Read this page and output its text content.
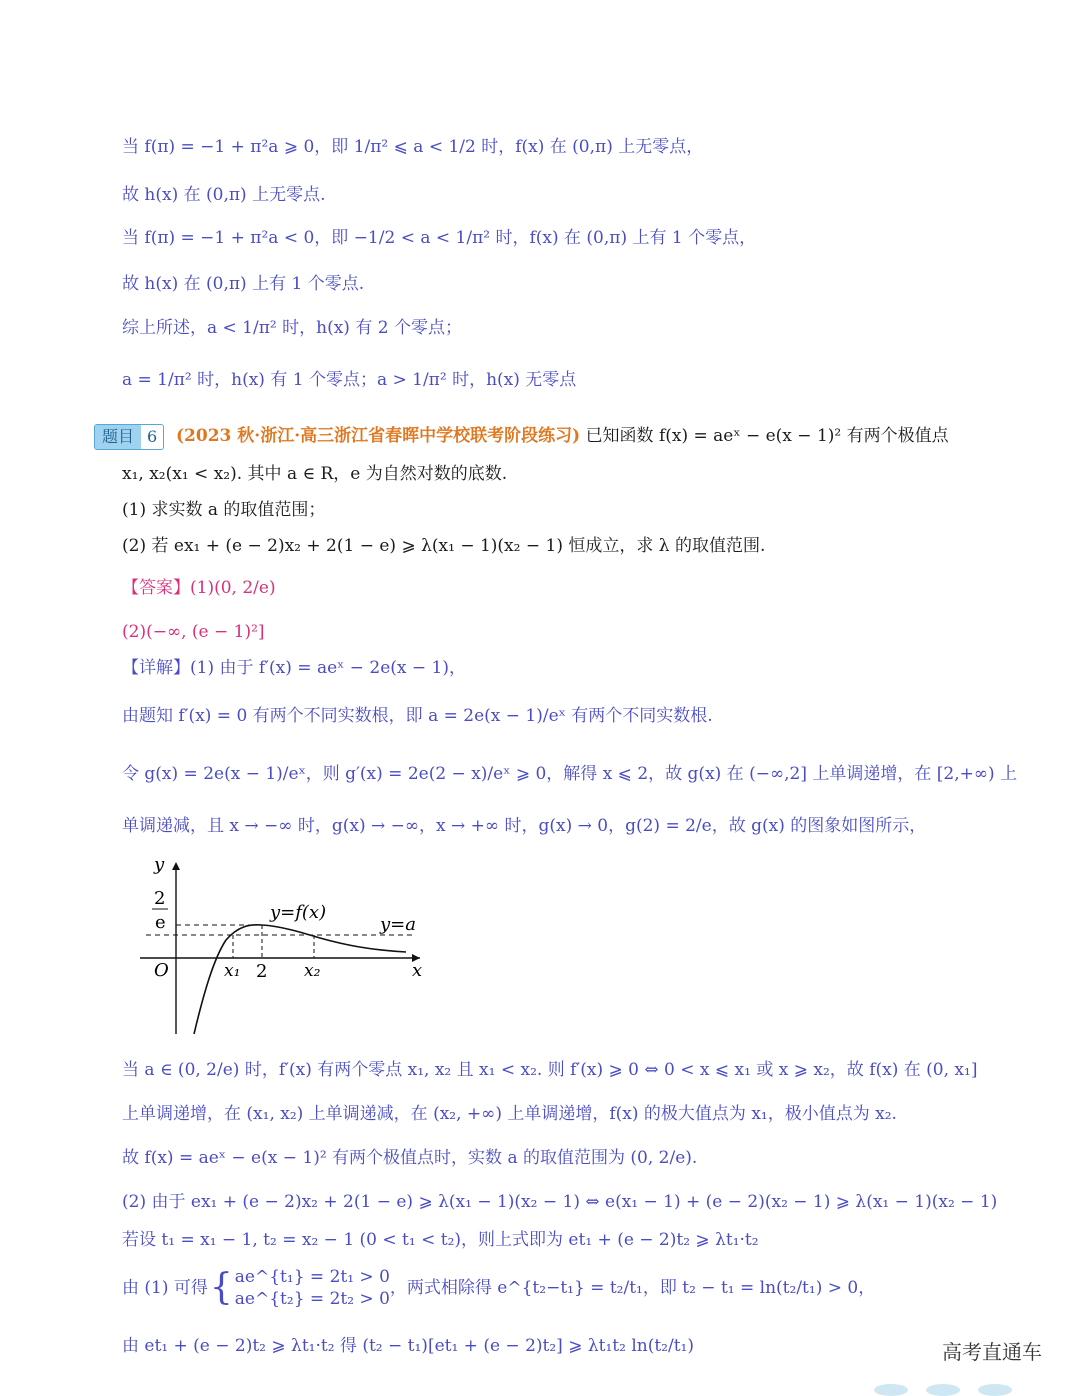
当 f(π) = −1 + π²a ⩾ 0，即 1/π² ⩽ a < 1/2 时，f(x) 在 (0,π) 上无零点，
故 h(x) 在 (0,π) 上无零点.
当 f(π) = −1 + π²a < 0，即 −1/2 < a < 1/π² 时，f(x) 在 (0,π) 上有 1 个零点，
故 h(x) 在 (0,π) 上有 1 个零点.
综上所述，a < 1/π² 时，h(x) 有 2 个零点；
a = 1/π² 时，h(x) 有 1 个零点；a > 1/π² 时，h(x) 无零点
题目 6	(2023 秋·浙江·高三浙江省春晖中学校联考阶段练习) 已知函数 f(x) = aeˣ − e(x − 1)² 有两个极值点
x₁, x₂(x₁ < x₂). 其中 a ∈ R，e 为自然对数的底数.
(1) 求实数 a 的取值范围；
(2) 若 ex₁ + (e − 2)x₂ + 2(1 − e) ⩾ λ(x₁ − 1)(x₂ − 1) 恒成立，求 λ 的取值范围.
【答案】(1)(0, 2/e)
(2)(−∞, (e − 1)²]
【详解】(1) 由于 f′(x) = aeˣ − 2e(x − 1)，
由题知 f′(x) = 0 有两个不同实数根，即 a = 2e(x − 1)/eˣ 有两个不同实数根.
令 g(x) = 2e(x − 1)/eˣ，则 g′(x) = 2e(2 − x)/eˣ ⩾ 0，解得 x ⩽ 2，故 g(x) 在 (−∞,2] 上单调递增，在 [2,+∞) 上
单调递减，且 x → −∞ 时，g(x) → −∞，x → +∞ 时，g(x) → 0，g(2) = 2/e，故 g(x) 的图象如图所示，
y
x
O
2
e
x₁ 2 x₂
y=f(x)
y=a
当 a ∈ (0, 2/e) 时，f′(x) 有两个零点 x₁, x₂ 且 x₁ < x₂. 则 f′(x) ⩾ 0 ⇔ 0 < x ⩽ x₁ 或 x ⩾ x₂，故 f(x) 在 (0, x₁]
上单调递增，在 (x₁, x₂) 上单调递减，在 (x₂, +∞) 上单调递增，f(x) 的极大值点为 x₁，极小值点为 x₂.
故 f(x) = aeˣ − e(x − 1)² 有两个极值点时，实数 a 的取值范围为 (0, 2/e).
(2) 由于 ex₁ + (e − 2)x₂ + 2(1 − e) ⩾ λ(x₁ − 1)(x₂ − 1) ⇔ e(x₁ − 1) + (e − 2)(x₂ − 1) ⩾ λ(x₁ − 1)(x₂ − 1)
若设 t₁ = x₁ − 1, t₂ = x₂ − 1 (0 < t₁ < t₂)，则上式即为 et₁ + (e − 2)t₂ ⩾ λt₁·t₂
由 (1) 可得 { ae^{t₁} = 2t₁ > 0
ae^{t₂} = 2t₂ > 0
，两式相除得 e^{t₂−t₁} = t₂/t₁，即 t₂ − t₁ = ln(t₂/t₁) > 0，
由 et₁ + (e − 2)t₂ ⩾ λt₁·t₂ 得 (t₂ − t₁)[et₁ + (e − 2)t₂] ⩾ λt₁t₂ ln(t₂/t₁)	高考直通车
